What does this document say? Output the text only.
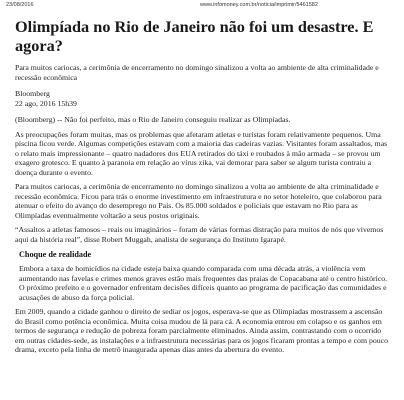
23/08/2016	www.infomoney.com.br/noticia/imprimir/5461582
Olimpíada no Rio de Janeiro não foi um desastre. E agora?

Para muitos cariocas, a cerimônia de encerramento no domingo sinalizou a volta ao ambiente de alta criminalidade e recessão econômica

Bloomberg
22 ago, 2016 15h39

(Bloomberg) -- Não foi perfeito, mas o Rio de Janeiro conseguiu realizar as Olimpíadas.

As preocupações foram muitas, mas os problemas que afetaram atletas e turistas foram relativamente pequenos. Uma piscina ficou verde. Algumas competições estavam com a maioria das cadeiras vazias. Visitantes foram assaltados, mas o relato mais impressionante – quatro nadadores dos EUA retirados do táxi e roubados à mão armada – se provou um exagero grotesco. E quanto à paranoia em relação ao vírus zika, vai demorar para saber se algum turista contraiu a doença durante o evento.

Para muitos cariocas, a cerimônia de encerramento no domingo sinalizou a volta ao ambiente de alta criminalidade e recessão econômica. Ficou para trás o enorme investimento em infraestrutura e no setor hoteleiro, que colaborou para atenuar o efeito do avanço do desemprego no País. Os 85.000 soldados e policiais que estavam no Rio para as Olimpíadas eventualmente voltarão a seus postos originais.

“Assaltos a atletas famosos – reais ou imaginários – foram de várias formas distração para muitos de nós que vivemos aqui da história real”, disse Robert Muggah, analista de segurança do Instituto Igarapé.

Choque de realidade

Embora a taxa de homicídios na cidade esteja baixa quando comparada com uma década atrás, a violência vem aumentando nas favelas e crimes menos graves estão mais frequentes das praias de Copacabana até o centro histórico. O próximo prefeito e o governador enfrentam decisões difíceis quanto ao programa de pacificação das comunidades e acusações de abuso da força policial.

Em 2009, quando a cidade ganhou o direito de sediar os jogos, esperava-se que as Olimpíadas mostrassem a ascensão do Brasil como potência econômica. Muita coisa mudou de lá para cá. A economia entrou em colapso e os ganhos em termos de segurança e redução de pobreza foram parcialmente eliminados. Ainda assim, contrastando com o ocorrido em outras cidades-sede, as instalações e a infraestrutura necessárias para os jogos ficaram prontas a tempo e com pouco drama, exceto pela linha de metrô inaugurada apenas dias antes da abertura do evento.
